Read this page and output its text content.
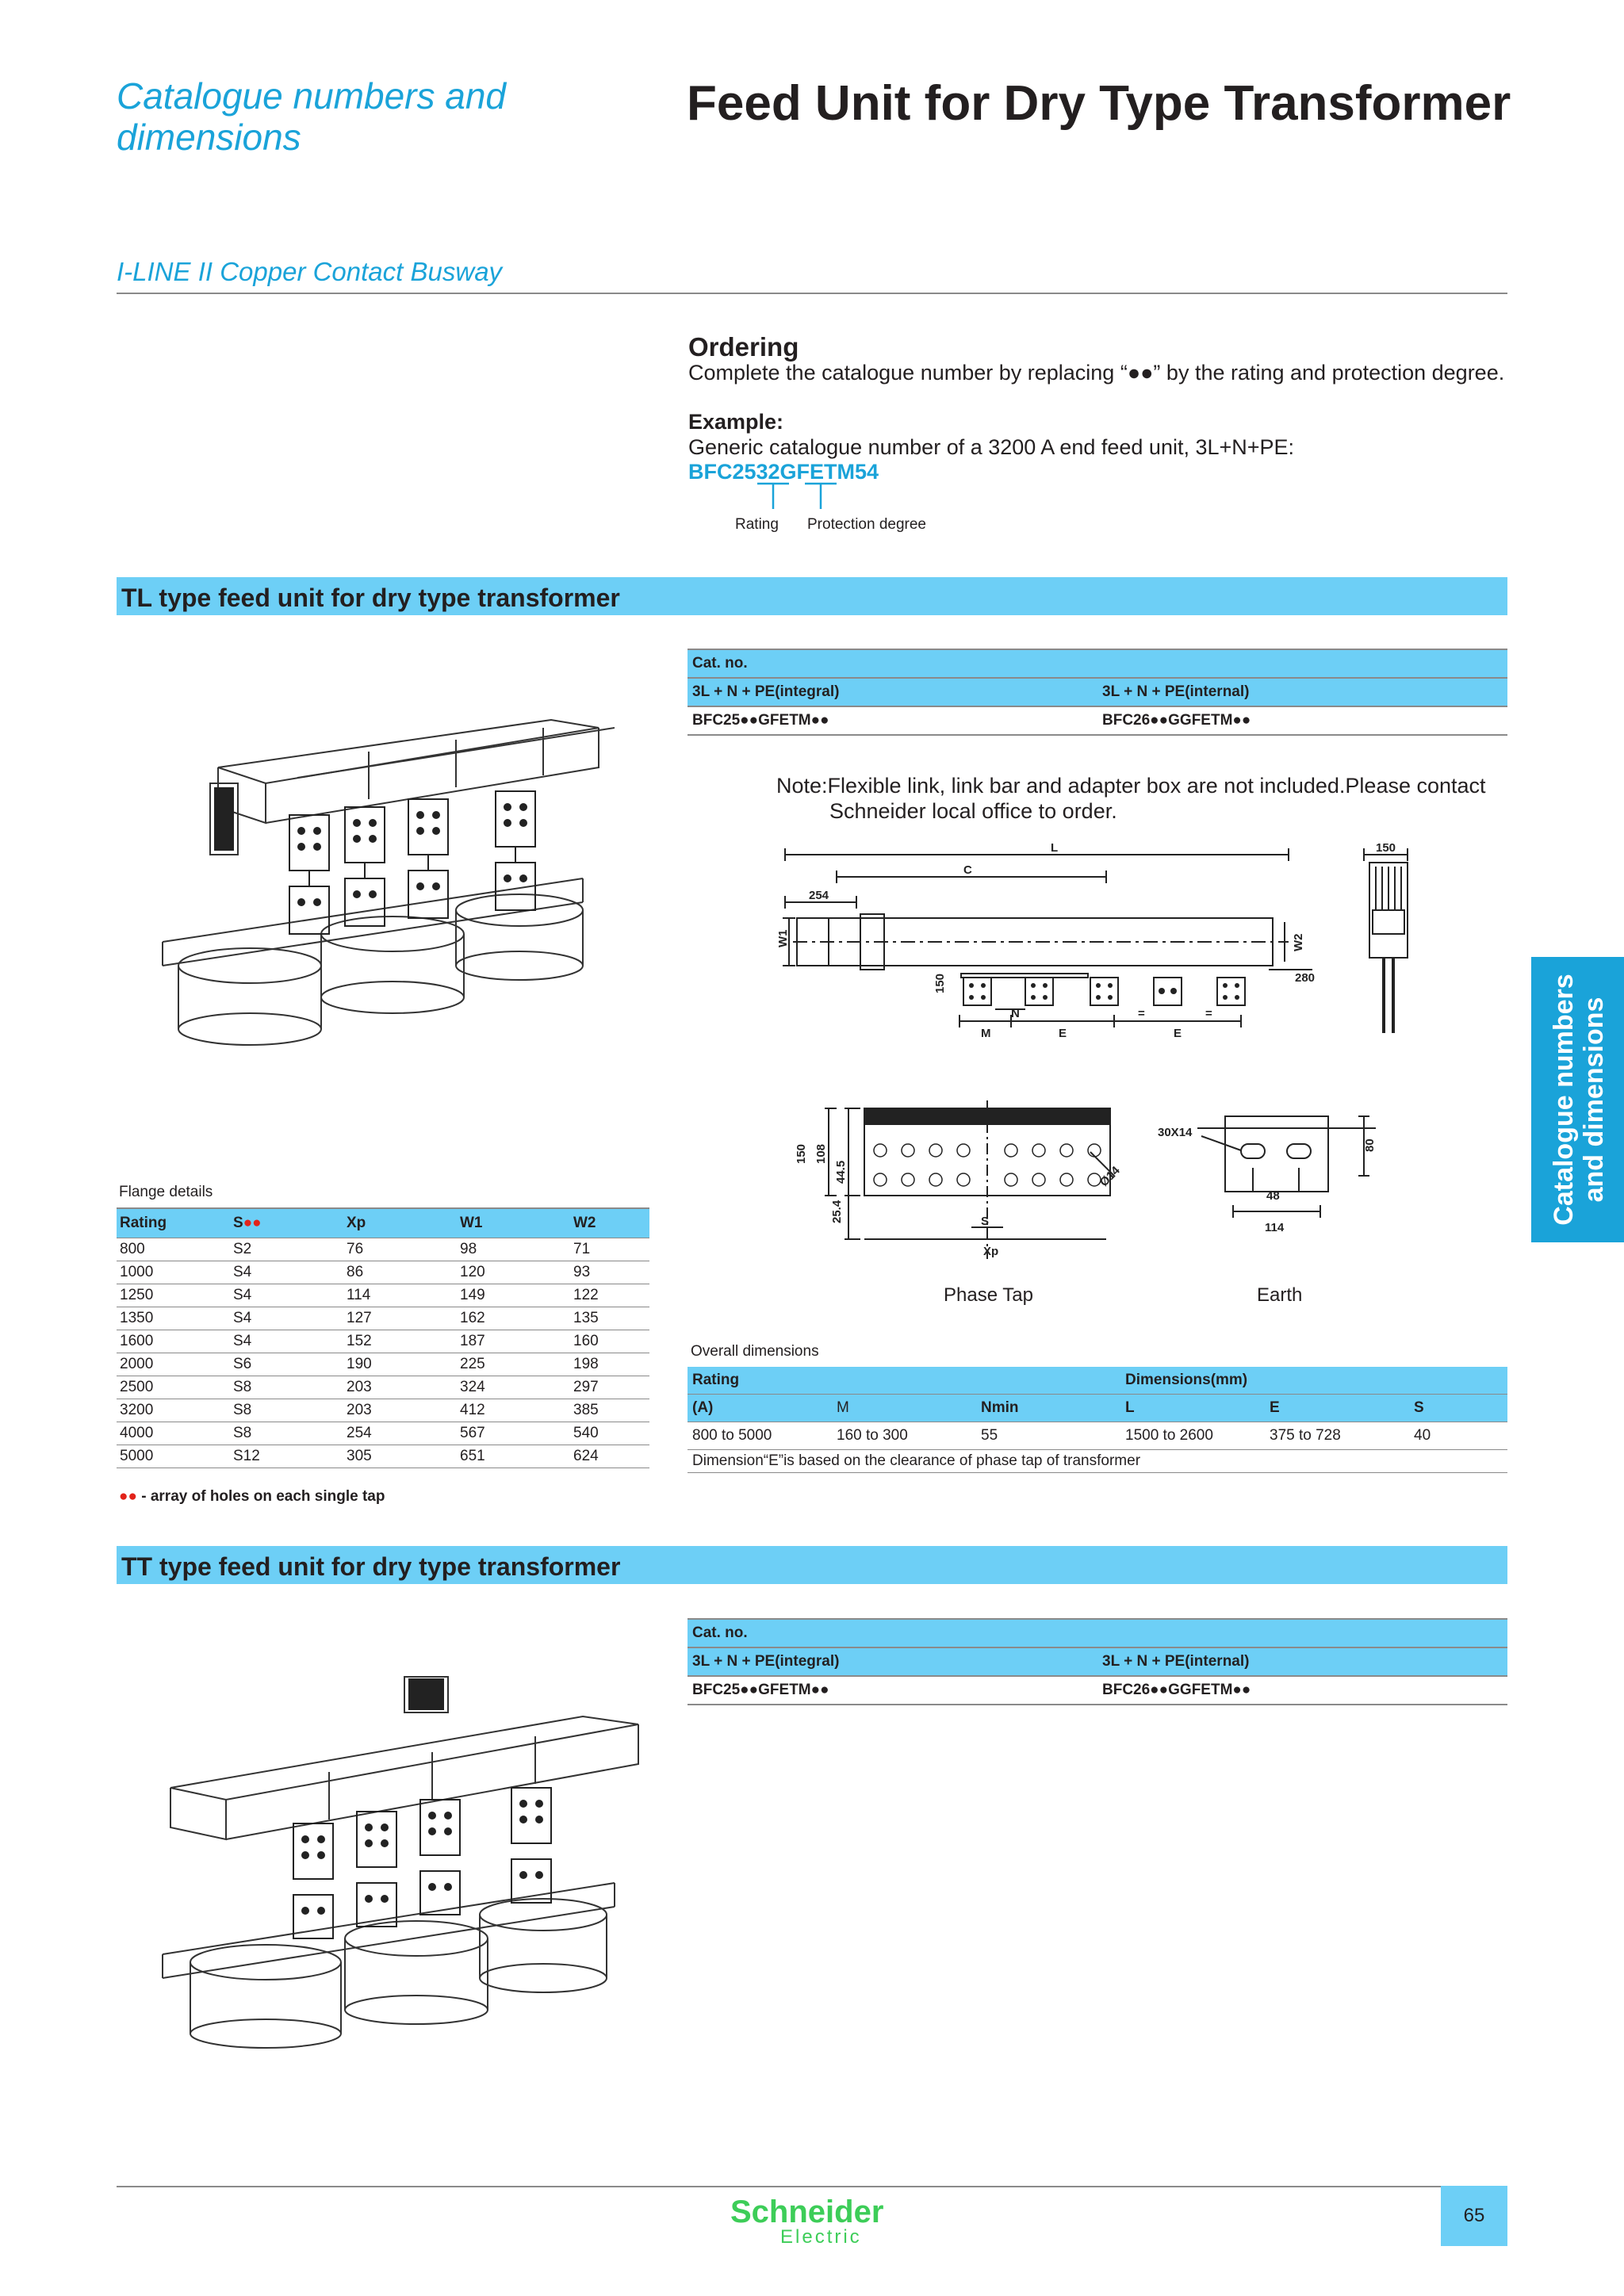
Catalogue numbers and dimensions
Feed Unit for Dry Type Transformer
I-LINE II Copper Contact Busway
Ordering
Complete the catalogue number by replacing “●●” by the rating and protection degree.
Example:
Generic catalogue number of a 3200 A end feed unit, 3L+N+PE:
BFC2532GFETM54
Rating Protection degree
TL type feed unit for dry type transformer
Cat. no.	
3L + N + PE(integral)	3L + N + PE(internal)
BFC25●●GFETM●●	BFC26●●GGFETM●●
Note:Flexible link, link bar and adapter box are not included.Please contact
Schneider local office to order.
L
C
254
W1	W2
280
150
N	=	=
M	E	E
150
150 108
44.5
25.4	S
Xp
Ø14
Phase Tap
30X14
80
48
114
Earth
Flange details
Rating	S●●	Xp	W1	W2
800	S2	76	98	71
1000	S4	86	120	93
1250	S4	114	149	122
1350	S4	127	162	135
1600	S4	152	187	160
2000	S6	190	225	198
2500	S8	203	324	297
3200	S8	203	412	385
4000	S8	254	567	540
5000	S12	305	651	624
●● - array of holes on each single tap
Overall dimensions
Rating			Dimensions(mm)		
(A)	M	Nmin	L	E	S
800 to 5000	160 to 300	55	1500 to 2600	375 to 728	40
Dimension“E”is based on the clearance of phase tap of transformer					
TT type feed unit for dry type transformer
Cat. no.	
3L + N + PE(integral)	3L + N + PE(internal)
BFC25●●GFETM●●	BFC26●●GGFETM●●
Catalogue numbers and dimensions
Schneider
Electric
65
